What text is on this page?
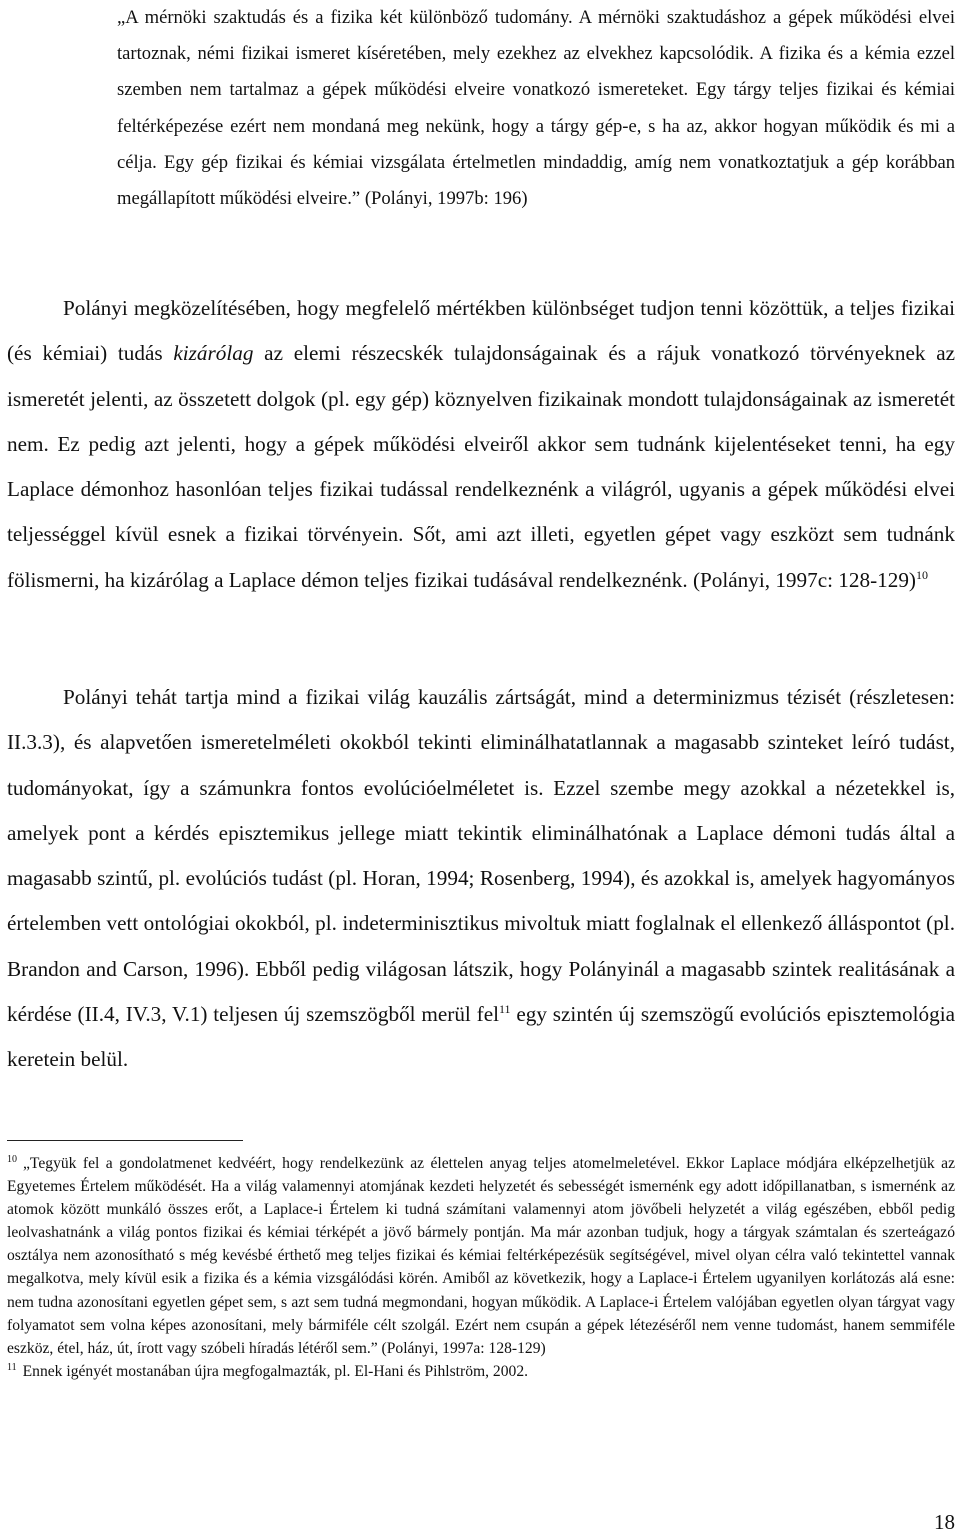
„A mérnöki szaktudás és a fizika két különböző tudomány. A mérnöki szaktudáshoz a gépek működési elvei tartoznak, némi fizikai ismeret kíséretében, mely ezekhez az elvekhez kapcsolódik. A fizika és a kémia ezzel szemben nem tartalmaz a gépek működési elveire vonatkozó ismereteket. Egy tárgy teljes fizikai és kémiai feltérképezése ezért nem mondaná meg nekünk, hogy a tárgy gép-e, s ha az, akkor hogyan működik és mi a célja. Egy gép fizikai és kémiai vizsgálata értelmetlen mindaddig, amíg nem vonatkoztatjuk a gép korábban megállapított működési elveire.” (Polányi, 1997b: 196)

Polányi megközelítésében, hogy megfelelő mértékben különbséget tudjon tenni közöttük, a teljes fizikai (és kémiai) tudás kizárólag az elemi részecskék tulajdonságainak és a rájuk vonatkozó törvényeknek az ismeretét jelenti, az összetett dolgok (pl. egy gép) köznyelven fizikainak mondott tulajdonságainak az ismeretét nem. Ez pedig azt jelenti, hogy a gépek működési elveiről akkor sem tudnánk kijelentéseket tenni, ha egy Laplace démonhoz hasonlóan teljes fizikai tudással rendelkeznénk a világról, ugyanis a gépek működési elvei teljességgel kívül esnek a fizikai törvényein. Sőt, ami azt illeti, egyetlen gépet vagy eszközt sem tudnánk fölismerni, ha kizárólag a Laplace démon teljes fizikai tudásával rendelkeznénk. (Polányi, 1997c: 128-129)$^{10}$

Polányi tehát tartja mind a fizikai világ kauzális zártságát, mind a determinizmus tézisét (részletesen: II.3.3), és alapvetően ismeretelméleti okokból tekinti eliminálhatatlannak a magasabb szinteket leíró tudást, tudományokat, így a számunkra fontos evolúcióelméletet is. Ezzel szembe megy azokkal a nézetekkel is, amelyek pont a kérdés episztemikus jellege miatt tekintik eliminálhatónak a Laplace démoni tudás által a magasabb szintű, pl. evolúciós tudást (pl. Horan, 1994; Rosenberg, 1994), és azokkal is, amelyek hagyományos értelemben vett ontológiai okokból, pl. indeterminisztikus mivoltuk miatt foglalnak el ellenkező álláspontot (pl. Brandon and Carson, 1996). Ebből pedig világosan látszik, hogy Polányinál a magasabb szintek realitásának a kérdése (II.4, IV.3, V.1) teljesen új szemszögből merül fel$^{11}$ egy szintén új szemszögű evolúciós episztemológia keretein belül.

$^{10}$ „Tegyük fel a gondolatmenet kedvéért, hogy rendelkezünk az élettelen anyag teljes atomelmeletével. Ekkor Laplace módjára elképzelhetjük az Egyetemes Értelem működését. Ha a világ valamennyi atomjának kezdeti helyzetét és sebességét ismernénk egy adott időpillanatban, s ismernénk az atomok között munkáló összes erőt, a Laplace-i Értelem ki tudná számítani valamennyi atom jövőbeli helyzetét a világ egészében, ebből pedig leolvashatnánk a világ pontos fizikai és kémiai térképét a jövő bármely pontján. Ma már azonban tudjuk, hogy a tárgyak számtalan és szerteágazó osztálya nem azonosítható s még kevésbé érthető meg teljes fizikai és kémiai feltérképezésük segítségével, mivel olyan célra való tekintettel vannak megalkotva, mely kívül esik a fizika és a kémia vizsgálódási körén. Amiből az következik, hogy a Laplace-i Értelem ugyanilyen korlátozás alá esne: nem tudna azonosítani egyetlen gépet sem, s azt sem tudná megmondani, hogyan működik. A Laplace-i Értelem valójában egyetlen olyan tárgyat vagy folyamatot sem volna képes azonosítani, mely bármiféle célt szolgál. Ezért nem csupán a gépek létezéséről nem venne tudomást, hanem semmiféle eszköz, étel, ház, út, írott vagy szóbeli híradás létéről sem.” (Polányi, 1997a: 128-129)

$^{11}$ Ennek igényét mostanában újra megfogalmazták, pl. El-Hani és Pihlström, 2002.

18
